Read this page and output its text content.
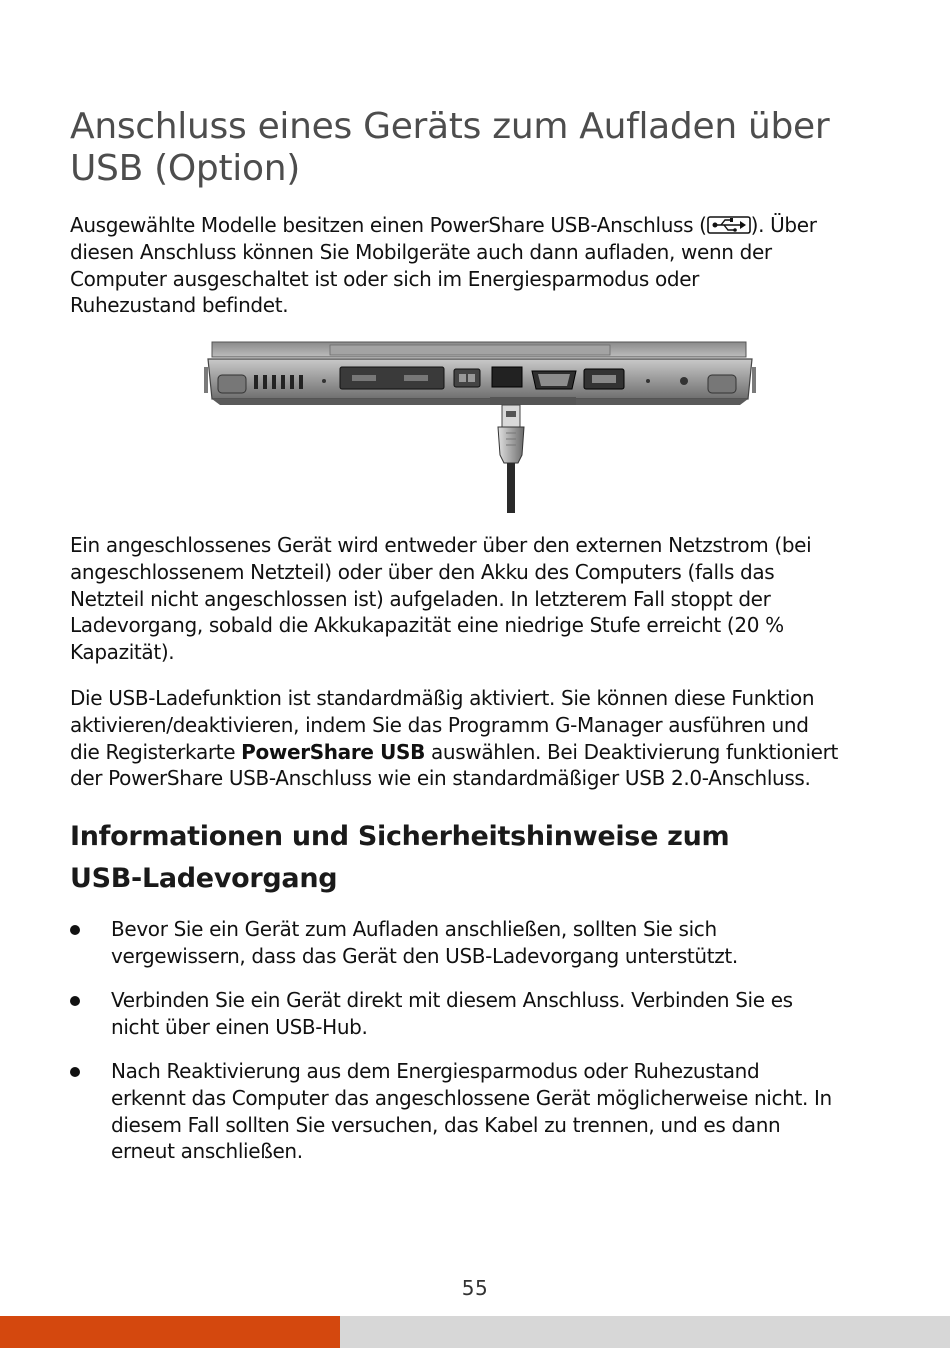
Anschluss eines Geräts zum Aufladen über
USB (Option)
Ausgewählte Modelle besitzen einen PowerShare USB-Anschluss ( ). Über
diesen Anschluss können Sie Mobilgeräte auch dann aufladen, wenn der
Computer ausgeschaltet ist oder sich im Energiesparmodus oder
Ruhezustand befindet.
Ein angeschlossenes Gerät wird entweder über den externen Netzstrom (bei
angeschlossenem Netzteil) oder über den Akku des Computers (falls das
Netzteil nicht angeschlossen ist) aufgeladen. In letzterem Fall stoppt der
Ladevorgang, sobald die Akkukapazität eine niedrige Stufe erreicht (20 %
Kapazität).
Die USB-Ladefunktion ist standardmäßig aktiviert. Sie können diese Funktion
aktivieren/deaktivieren, indem Sie das Programm G-Manager ausführen und
die Registerkarte PowerShare USB auswählen. Bei Deaktivierung funktioniert
der PowerShare USB-Anschluss wie ein standardmäßiger USB 2.0-Anschluss.
Informationen und Sicherheitshinweise zum
USB-Ladevorgang
Bevor Sie ein Gerät zum Aufladen anschließen, sollten Sie sich
vergewissern, dass das Gerät den USB-Ladevorgang unterstützt.
Verbinden Sie ein Gerät direkt mit diesem Anschluss. Verbinden Sie es
nicht über einen USB-Hub.
Nach Reaktivierung aus dem Energiesparmodus oder Ruhezustand
erkennt das Computer das angeschlossene Gerät möglicherweise nicht. In
diesem Fall sollten Sie versuchen, das Kabel zu trennen, und es dann
erneut anschließen.
55
